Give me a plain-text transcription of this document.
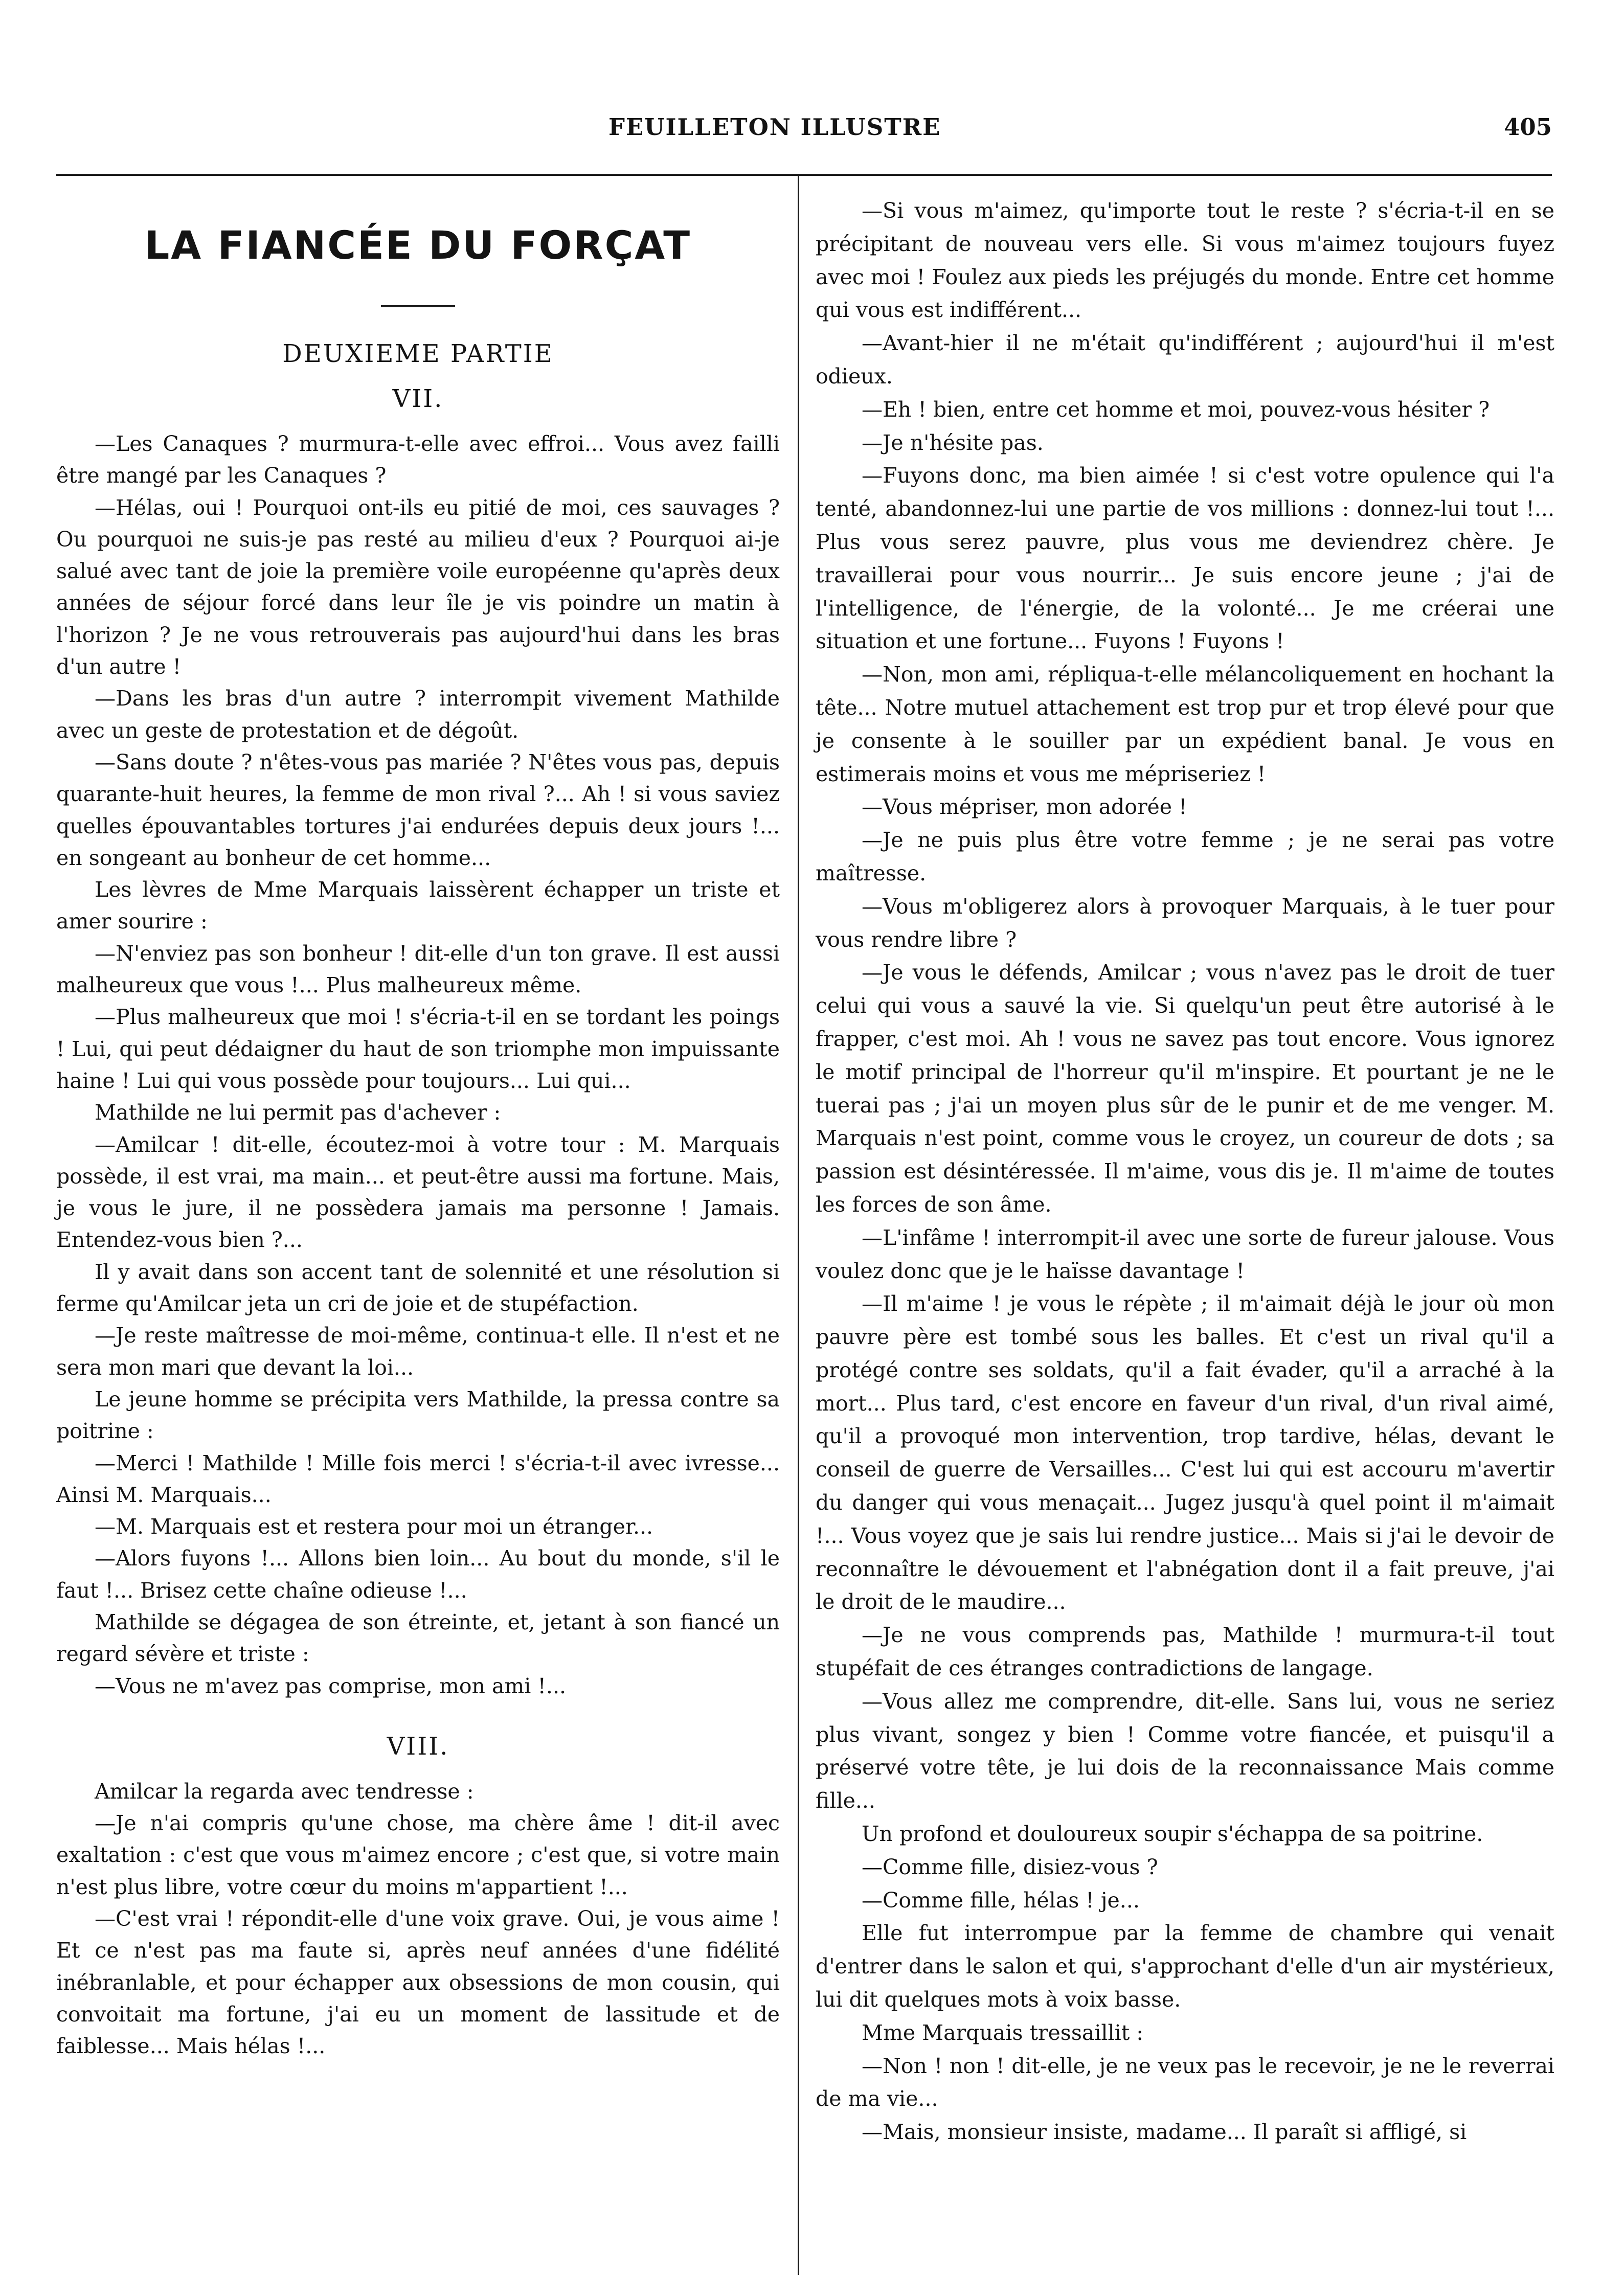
FEUILLETON ILLUSTRE	405
LA FIANCÉE DU FORÇAT
DEUXIEME PARTIE
VII.

—Les Canaques ? murmura-t-elle avec effroi... Vous avez failli être mangé par les Canaques ?

—Hélas, oui ! Pourquoi ont-ils eu pitié de moi, ces sauvages ? Ou pourquoi ne suis-je pas resté au milieu d'eux ? Pourquoi ai-je salué avec tant de joie la première voile européenne qu'après deux années de séjour forcé dans leur île je vis poindre un matin à l'horizon ? Je ne vous retrouverais pas aujourd'hui dans les bras d'un autre !

—Dans les bras d'un autre ? interrompit vivement Mathilde avec un geste de protestation et de dégoût.

—Sans doute ? n'êtes-vous pas mariée ? N'êtes vous pas, depuis quarante-huit heures, la femme de mon rival ?... Ah ! si vous saviez quelles épouvantables tortures j'ai endurées depuis deux jours !... en songeant au bonheur de cet homme...

Les lèvres de Mme Marquais laissèrent échapper un triste et amer sourire :

—N'enviez pas son bonheur ! dit-elle d'un ton grave. Il est aussi malheureux que vous !... Plus malheureux même.

—Plus malheureux que moi ! s'écria-t-il en se tordant les poings ! Lui, qui peut dédaigner du haut de son triomphe mon impuissante haine ! Lui qui vous possède pour toujours... Lui qui...

Mathilde ne lui permit pas d'achever :

—Amilcar ! dit-elle, écoutez-moi à votre tour : M. Marquais possède, il est vrai, ma main... et peut-être aussi ma fortune. Mais, je vous le jure, il ne possèdera jamais ma personne ! Jamais. Entendez-vous bien ?...

Il y avait dans son accent tant de solennité et une résolution si ferme qu'Amilcar jeta un cri de joie et de stupéfaction.

—Je reste maîtresse de moi-même, continua-t elle. Il n'est et ne sera mon mari que devant la loi...

Le jeune homme se précipita vers Mathilde, la pressa contre sa poitrine :

—Merci ! Mathilde ! Mille fois merci ! s'écria-t-il avec ivresse... Ainsi M. Marquais...

—M. Marquais est et restera pour moi un étranger...

—Alors fuyons !... Allons bien loin... Au bout du monde, s'il le faut !... Brisez cette chaîne odieuse !...

Mathilde se dégagea de son étreinte, et, jetant à son fiancé un regard sévère et triste :

—Vous ne m'avez pas comprise, mon ami !...

VIII.

Amilcar la regarda avec tendresse :

—Je n'ai compris qu'une chose, ma chère âme ! dit-il avec exaltation : c'est que vous m'aimez encore ; c'est que, si votre main n'est plus libre, votre cœur du moins m'appartient !...

—C'est vrai ! répondit-elle d'une voix grave. Oui, je vous aime ! Et ce n'est pas ma faute si, après neuf années d'une fidélité inébranlable, et pour échapper aux obsessions de mon cousin, qui convoitait ma fortune, j'ai eu un moment de lassitude et de faiblesse... Mais hélas !...

—Si vous m'aimez, qu'importe tout le reste ? s'écria-t-il en se précipitant de nouveau vers elle. Si vous m'aimez toujours fuyez avec moi ! Foulez aux pieds les préjugés du monde. Entre cet homme qui vous est indifférent...

—Avant-hier il ne m'était qu'indifférent ; aujourd'hui il m'est odieux.

—Eh ! bien, entre cet homme et moi, pouvez-vous hésiter ?

—Je n'hésite pas.

—Fuyons donc, ma bien aimée ! si c'est votre opulence qui l'a tenté, abandonnez-lui une partie de vos millions : donnez-lui tout !... Plus vous serez pauvre, plus vous me deviendrez chère. Je travaillerai pour vous nourrir... Je suis encore jeune ; j'ai de l'intelligence, de l'énergie, de la volonté... Je me créerai une situation et une fortune... Fuyons ! Fuyons !

—Non, mon ami, répliqua-t-elle mélancoliquement en hochant la tête... Notre mutuel attachement est trop pur et trop élevé pour que je consente à le souiller par un expédient banal. Je vous en estimerais moins et vous me mépriseriez !

—Vous mépriser, mon adorée !

—Je ne puis plus être votre femme ; je ne serai pas votre maîtresse.

—Vous m'obligerez alors à provoquer Marquais, à le tuer pour vous rendre libre ?

—Je vous le défends, Amilcar ; vous n'avez pas le droit de tuer celui qui vous a sauvé la vie. Si quelqu'un peut être autorisé à le frapper, c'est moi. Ah ! vous ne savez pas tout encore. Vous ignorez le motif principal de l'horreur qu'il m'inspire. Et pourtant je ne le tuerai pas ; j'ai un moyen plus sûr de le punir et de me venger. M. Marquais n'est point, comme vous le croyez, un coureur de dots ; sa passion est désintéressée. Il m'aime, vous dis je. Il m'aime de toutes les forces de son âme.

—L'infâme ! interrompit-il avec une sorte de fureur jalouse. Vous voulez donc que je le haïsse davantage !

—Il m'aime ! je vous le répète ; il m'aimait déjà le jour où mon pauvre père est tombé sous les balles. Et c'est un rival qu'il a protégé contre ses soldats, qu'il a fait évader, qu'il a arraché à la mort... Plus tard, c'est encore en faveur d'un rival, d'un rival aimé, qu'il a provoqué mon intervention, trop tardive, hélas, devant le conseil de guerre de Versailles... C'est lui qui est accouru m'avertir du danger qui vous menaçait... Jugez jusqu'à quel point il m'aimait !... Vous voyez que je sais lui rendre justice... Mais si j'ai le devoir de reconnaître le dévouement et l'abnégation dont il a fait preuve, j'ai le droit de le maudire...

—Je ne vous comprends pas, Mathilde ! murmura-t-il tout stupéfait de ces étranges contradictions de langage.

—Vous allez me comprendre, dit-elle. Sans lui, vous ne seriez plus vivant, songez y bien ! Comme votre fiancée, et puisqu'il a préservé votre tête, je lui dois de la reconnaissance Mais comme fille...

Un profond et douloureux soupir s'échappa de sa poitrine.

—Comme fille, disiez-vous ?

—Comme fille, hélas ! je...

Elle fut interrompue par la femme de chambre qui venait d'entrer dans le salon et qui, s'approchant d'elle d'un air mystérieux, lui dit quelques mots à voix basse.

Mme Marquais tressaillit :

—Non ! non ! dit-elle, je ne veux pas le recevoir, je ne le reverrai de ma vie...

—Mais, monsieur insiste, madame... Il paraît si affligé, si
